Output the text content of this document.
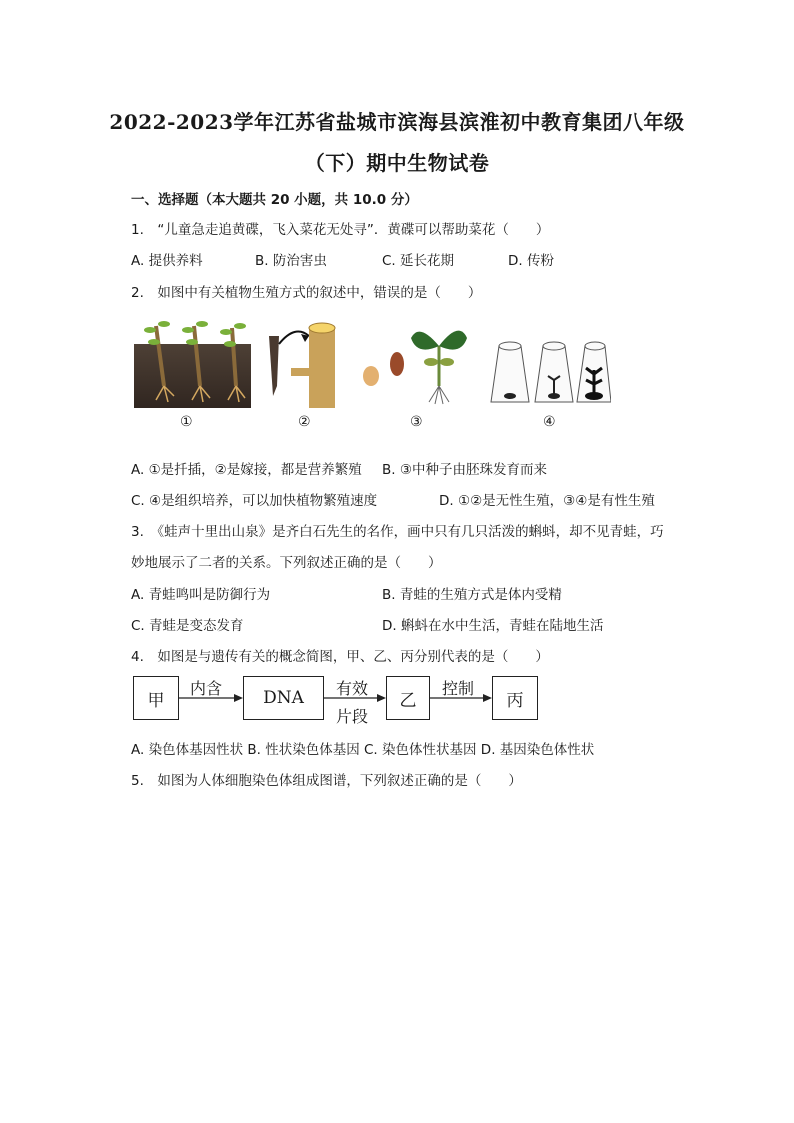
2022-2023学年江苏省盐城市滨海县滨淮初中教育集团八年级
（下）期中生物试卷
一、选择题（本大题共 20 小题，共 10.0 分）
1.　“儿童急走追黄碟，飞入菜花无处寻”．黄碟可以帮助菜花（　　）
A. 提供养料	B. 防治害虫	C. 延长花期	D. 传粉
2.　如图中有关植物生殖方式的叙述中，错误的是（　　）
①	②	③	④
A. ①是扦插，②是嫁接，都是营养繁殖 B. ③中种子由胚珠发育而来
C. ④是组织培养，可以加快植物繁殖速度	D. ①②是无性生殖，③④是有性生殖
3.　《蛙声十里出山泉》是齐白石先生的名作，画中只有几只活泼的蝌蚪，却不见青蛙，巧
妙地展示了二者的关系。下列叙述正确的是（　　）
A. 青蛙鸣叫是防御行为	B. 青蛙的生殖方式是体内受精
C. 青蛙是变态发育	D. 蝌蚪在水中生活，青蛙在陆地生活
4.　如图是与遗传有关的概念简图，甲、乙、丙分别代表的是（　　）
甲	DNA	乙	丙
内含	有效
片段
控制
A. 染色体基因性状 B. 性状染色体基因 C. 染色体性状基因 D. 基因染色体性状
5.　如图为人体细胞染色体组成图谱，下列叙述正确的是（　　）
